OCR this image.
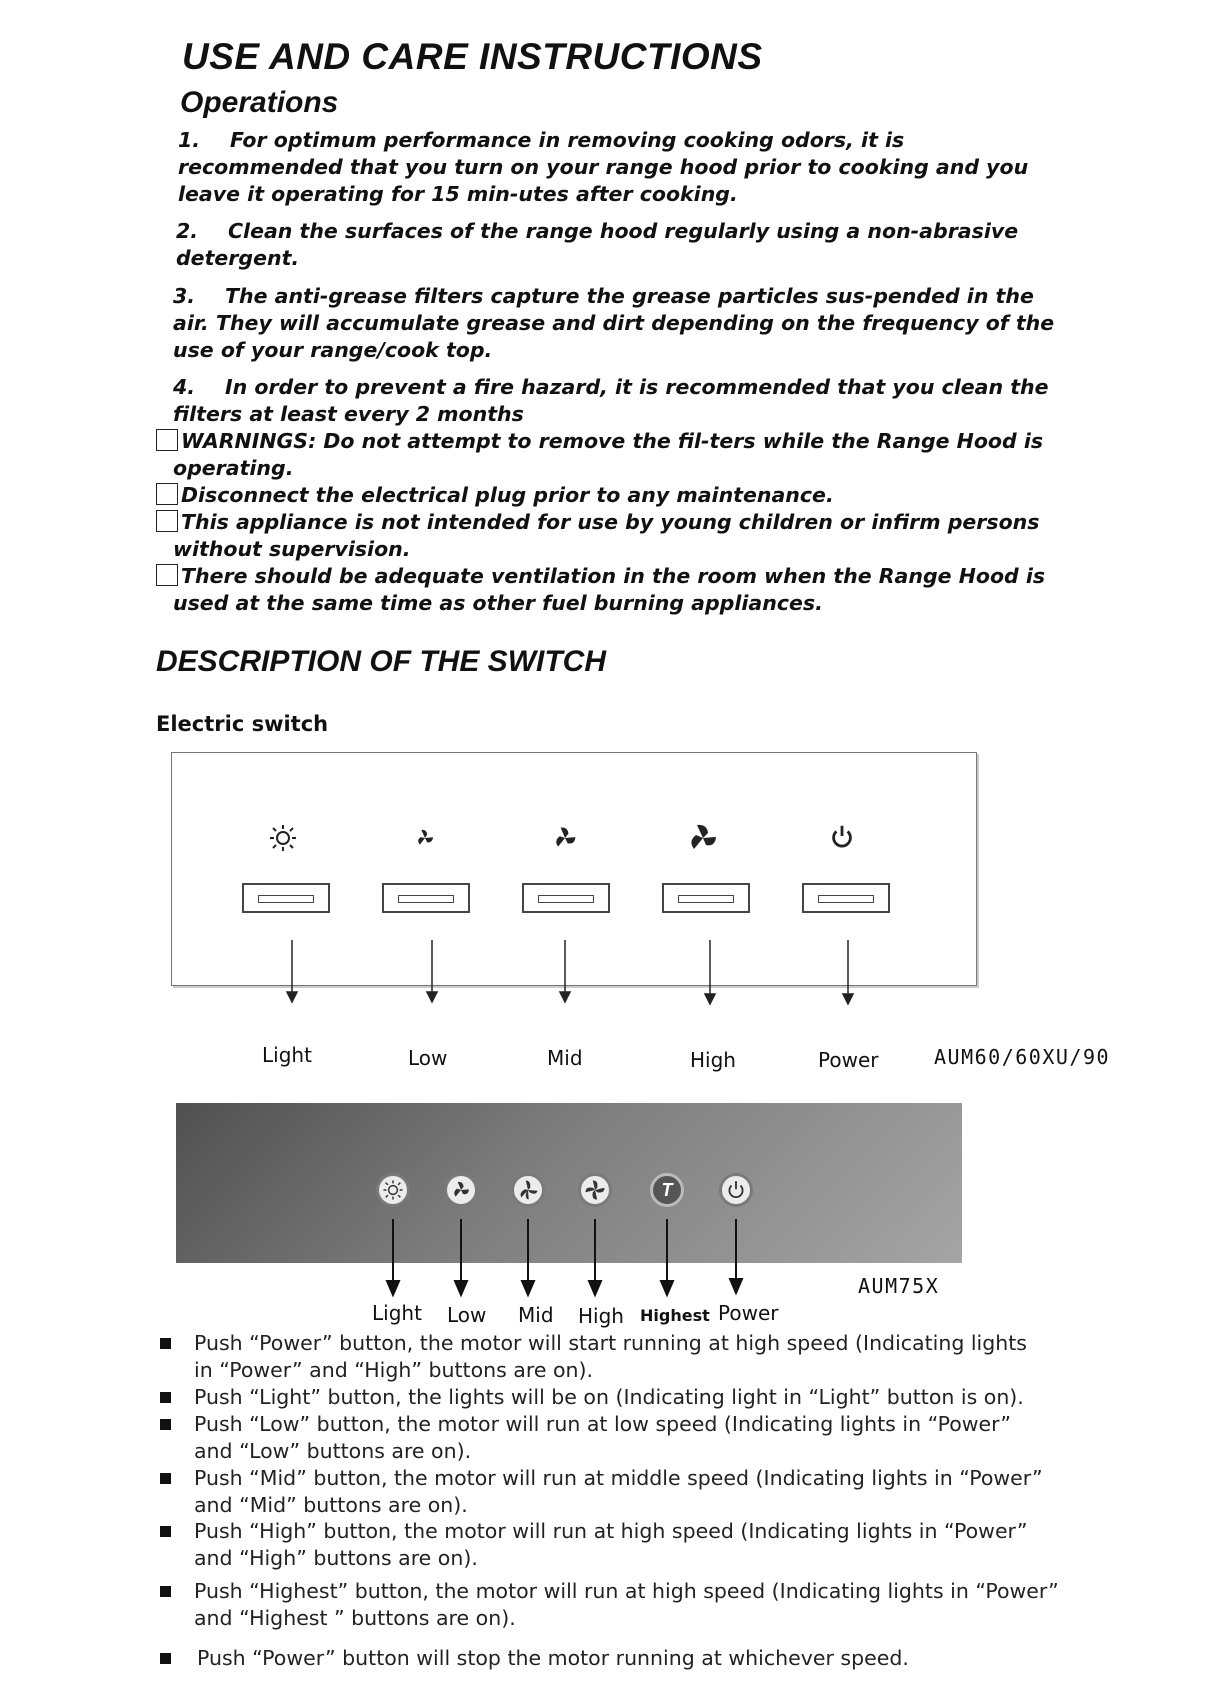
USE AND CARE INSTRUCTIONS
Operations
1. For optimum performance in removing cooking odors, it is
recommended that you turn on your range hood prior to cooking and you
leave it operating for 15 min-utes after cooking.
2. Clean the surfaces of the range hood regularly using a non-abrasive
detergent.
3. The anti-grease filters capture the grease particles sus-pended in the
air. They will accumulate grease and dirt depending on the frequency of the
use of your range/cook top.
4. In order to prevent a fire hazard, it is recommended that you clean the
filters at least every 2 months
WARNINGS: Do not attempt to remove the fil-ters while the Range Hood is
operating.
Disconnect the electrical plug prior to any maintenance.
This appliance is not intended for use by young children or infirm persons
without supervision.
There should be adequate ventilation in the room when the Range Hood is
used at the same time as other fuel burning appliances.
DESCRIPTION OF THE SWITCH
Electric switch
Light	Low	Mid	High	Power	AUM60/60XU/90
T
AUM75X
Light Low Mid High Highest Power
Push “Power” button, the motor will start running at high speed (Indicating lights
in “Power” and “High” buttons are on).
Push “Light” button, the lights will be on (Indicating light in “Light” button is on).
Push “Low” button, the motor will run at low speed (Indicating lights in “Power”
and “Low” buttons are on).
Push “Mid” button, the motor will run at middle speed (Indicating lights in “Power”
and “Mid” buttons are on).
Push “High” button, the motor will run at high speed (Indicating lights in “Power”
and “High” buttons are on).
Push “Highest” button, the motor will run at high speed (Indicating lights in “Power”
and “Highest ” buttons are on).
Push “Power” button will stop the motor running at whichever speed.
